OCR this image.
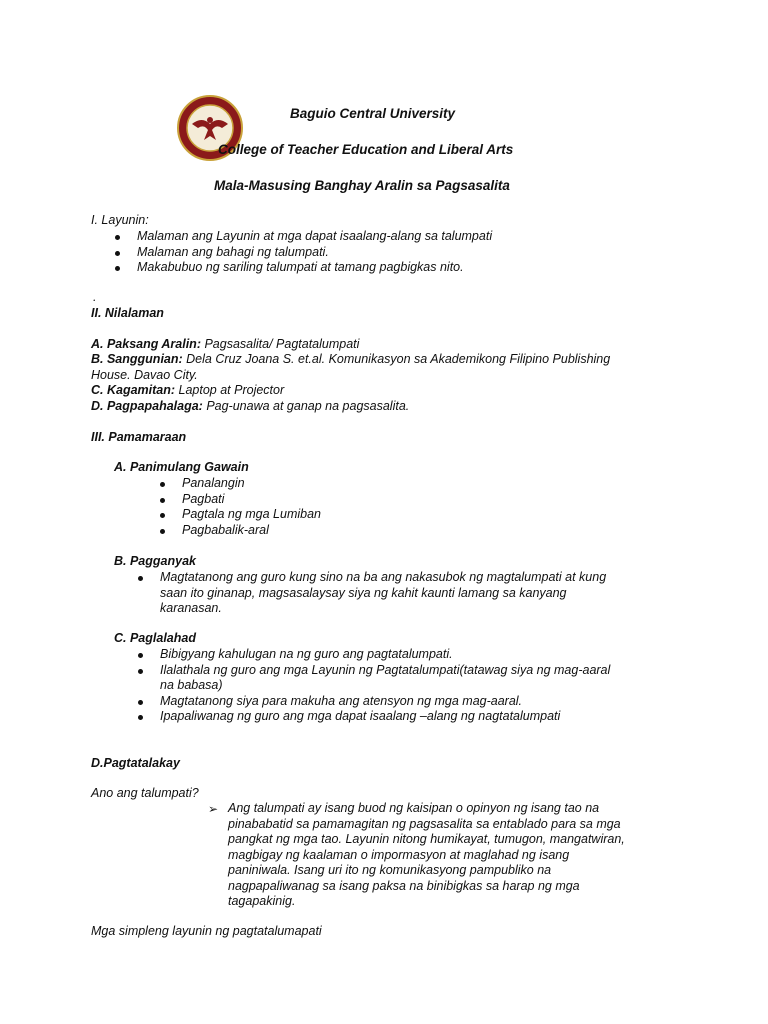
Baguio Central University
College of Teacher Education and Liberal Arts
Mala-Masusing Banghay Aralin sa Pagsasalita
I. Layunin:
Malaman ang Layunin at mga dapat isaalang-alang sa talumpati
Malaman ang bahagi ng talumpati.
Makabubuo ng sariling talumpati at tamang pagbigkas nito.
.
II. Nilalaman
A. Paksang Aralin: Pagsasalita/ Pagtatalumpati
B. Sanggunian: Dela Cruz Joana S. et.al. Komunikasyon sa Akademikong Filipino Publishing
House. Davao City.
C. Kagamitan: Laptop at Projector
D. Pagpapahalaga: Pag-unawa at ganap na pagsasalita.
III. Pamamaraan
A. Panimulang Gawain
Panalangin
Pagbati
Pagtala ng mga Lumiban
Pagbabalik-aral
B. Pagganyak
Magtatanong ang guro kung sino na ba ang nakasubok ng magtalumpati at kung
saan ito ginanap, magsasalaysay siya ng kahit kaunti lamang sa kanyang
karanasan.
C. Paglalahad
Bibigyang kahulugan na ng guro ang pagtatalumpati.
Ilalathala ng guro ang mga Layunin ng Pagtatalumpati(tatawag siya ng mag-aaral
na babasa)
Magtatanong siya para makuha ang atensyon ng mga mag-aaral.
Ipapaliwanag ng guro ang mga dapat isaalang –alang ng nagtatalumpati
D.Pagtatalakay
Ano ang talumpati?
➢ Ang talumpati ay isang buod ng kaisipan o opinyon ng isang tao na
pinababatid sa pamamagitan ng pagsasalita sa entablado para sa mga
pangkat ng mga tao. Layunin nitong humikayat, tumugon, mangatwiran,
magbigay ng kaalaman o impormasyon at maglahad ng isang
paniniwala. Isang uri ito ng komunikasyong pampubliko na
nagpapaliwanag sa isang paksa na binibigkas sa harap ng mga
tagapakinig.
Mga simpleng layunin ng pagtatalumapati
